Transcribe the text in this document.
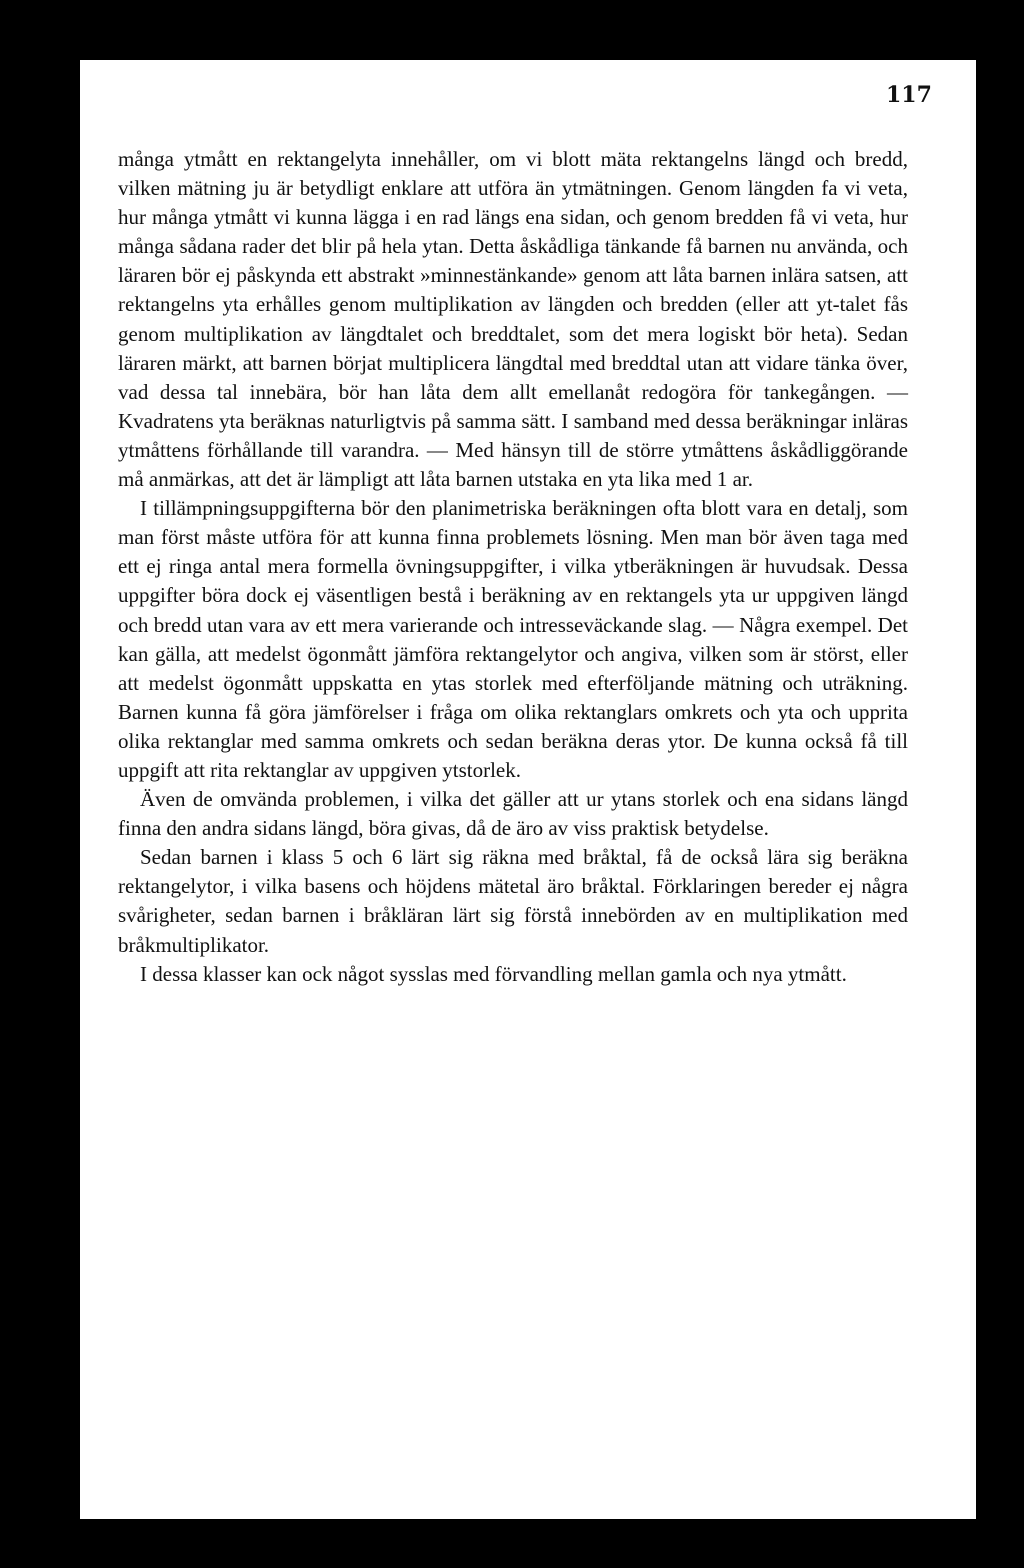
117

många ytmått en rektangelyta innehåller, om vi blott mäta rektangelns längd och bredd, vilken mätning ju är betydligt enklare att utföra än ytmätningen. Genom längden fa vi veta, hur många ytmått vi kunna lägga i en rad längs ena sidan, och genom bredden få vi veta, hur många sådana rader det blir på hela ytan. Detta åskådliga tänkande få barnen nu använda, och läraren bör ej påskynda ett abstrakt »minnestänkande» genom att låta barnen inlära satsen, att rektangelns yta erhålles genom multiplikation av längden och bredden (eller att yt-talet fås genom multiplikation av längdtalet och breddtalet, som det mera logiskt bör heta). Sedan läraren märkt, att barnen börjat multiplicera längdtal med breddtal utan att vidare tänka över, vad dessa tal innebära, bör han låta dem allt emellanåt redogöra för tankegången. — Kvadratens yta beräknas naturligtvis på samma sätt. I samband med dessa beräkningar inläras ytmåttens förhållande till varandra. — Med hänsyn till de större ytmåttens åskådliggörande må anmärkas, att det är lämpligt att låta barnen utstaka en yta lika med 1 ar.

I tillämpningsuppgifterna bör den planimetriska beräkningen ofta blott vara en detalj, som man först måste utföra för att kunna finna problemets lösning. Men man bör även taga med ett ej ringa antal mera formella övningsuppgifter, i vilka ytberäkningen är huvudsak. Dessa uppgifter böra dock ej väsentligen bestå i beräkning av en rektangels yta ur uppgiven längd och bredd utan vara av ett mera varierande och intresseväckande slag. — Några exempel. Det kan gälla, att medelst ögonmått jämföra rektangelytor och angiva, vilken som är störst, eller att medelst ögonmått uppskatta en ytas storlek med efterföljande mätning och uträkning. Barnen kunna få göra jämförelser i fråga om olika rektanglars omkrets och yta och upprita olika rektanglar med samma omkrets och sedan beräkna deras ytor. De kunna också få till uppgift att rita rektanglar av uppgiven ytstorlek.

Även de omvända problemen, i vilka det gäller att ur ytans storlek och ena sidans längd finna den andra sidans längd, böra givas, då de äro av viss praktisk betydelse.

Sedan barnen i klass 5 och 6 lärt sig räkna med bråktal, få de också lära sig beräkna rektangelytor, i vilka basens och höjdens mätetal äro bråktal. Förklaringen bereder ej några svårigheter, sedan barnen i bråkläran lärt sig förstå innebörden av en multiplikation med bråkmultiplikator.

I dessa klasser kan ock något sysslas med förvandling mellan gamla och nya ytmått.
